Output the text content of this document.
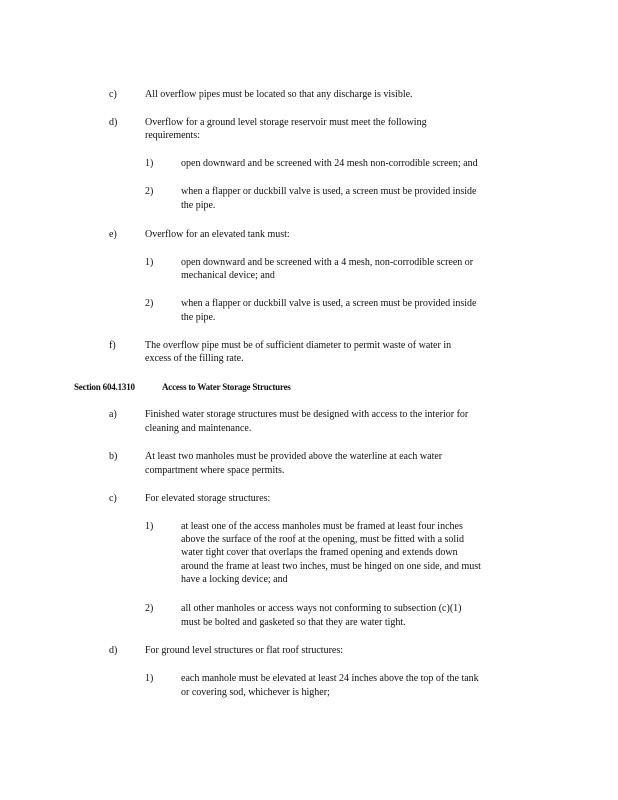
c)	All overflow pipes must be located so that any discharge is visible.
d)	Overflow for a ground level storage reservoir must meet the following
requirements:
1)	open downward and be screened with 24 mesh non-corrodible screen; and
2)	when a flapper or duckbill valve is used, a screen must be provided inside
the pipe.
e)	Overflow for an elevated tank must:
1)	open downward and be screened with a 4 mesh, non-corrodible screen or
mechanical device; and
2)	when a flapper or duckbill valve is used, a screen must be provided inside
the pipe.
f)	The overflow pipe must be of sufficient diameter to permit waste of water in
excess of the filling rate.
Section 604.1310	Access to Water Storage Structures
a)	Finished water storage structures must be designed with access to the interior for
cleaning and maintenance.
b)	At least two manholes must be provided above the waterline at each water
compartment where space permits.
c)	For elevated storage structures:
1)	at least one of the access manholes must be framed at least four inches
above the surface of the roof at the opening, must be fitted with a solid
water tight cover that overlaps the framed opening and extends down
around the frame at least two inches, must be hinged on one side, and must
have a locking device; and
2)	all other manholes or access ways not conforming to subsection (c)(1)
must be bolted and gasketed so that they are water tight.
d)	For ground level structures or flat roof structures:
1)	each manhole must be elevated at least 24 inches above the top of the tank
or covering sod, whichever is higher;
